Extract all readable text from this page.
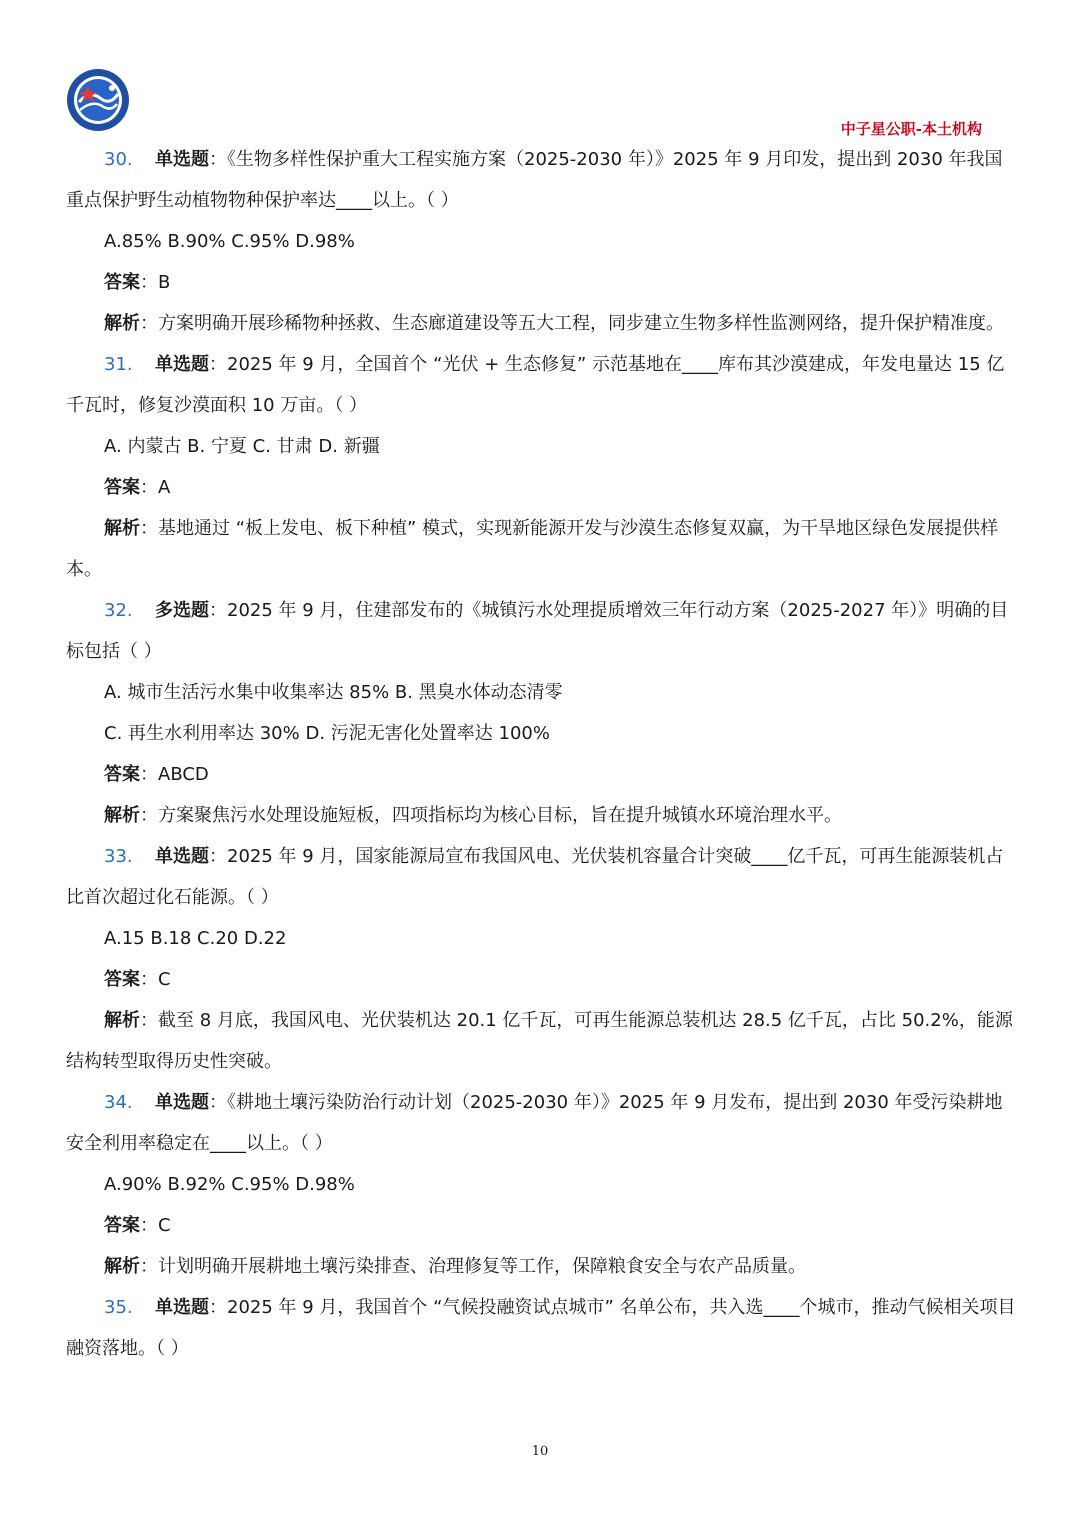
中子星公职-本土机构

30. 单选题：《生物多样性保护重大工程实施方案（2025-2030 年）》2025 年 9 月印发，提出到 2030 年我国重点保护野生动植物物种保护率达____以上。（ ）

A.85% B.90% C.95% D.98%

答案：B

解析：方案明确开展珍稀物种拯救、生态廊道建设等五大工程，同步建立生物多样性监测网络，提升保护精准度。

31. 单选题：2025 年 9 月，全国首个 “光伏 + 生态修复” 示范基地在____库布其沙漠建成，年发电量达 15 亿千瓦时，修复沙漠面积 10 万亩。（ ）

A. 内蒙古 B. 宁夏 C. 甘肃 D. 新疆

答案：A

解析：基地通过 “板上发电、板下种植” 模式，实现新能源开发与沙漠生态修复双赢，为干旱地区绿色发展提供样本。

32. 多选题：2025 年 9 月，住建部发布的《城镇污水处理提质增效三年行动方案（2025-2027 年）》明确的目标包括（ ）

A. 城市生活污水集中收集率达 85% B. 黑臭水体动态清零

C. 再生水利用率达 30% D. 污泥无害化处置率达 100%

答案：ABCD

解析：方案聚焦污水处理设施短板，四项指标均为核心目标，旨在提升城镇水环境治理水平。

33. 单选题：2025 年 9 月，国家能源局宣布我国风电、光伏装机容量合计突破____亿千瓦，可再生能源装机占比首次超过化石能源。（ ）

A.15 B.18 C.20 D.22

答案：C

解析：截至 8 月底，我国风电、光伏装机达 20.1 亿千瓦，可再生能源总装机达 28.5 亿千瓦，占比 50.2%，能源结构转型取得历史性突破。

34. 单选题：《耕地土壤污染防治行动计划（2025-2030 年）》2025 年 9 月发布，提出到 2030 年受污染耕地安全利用率稳定在____以上。（ ）

A.90% B.92% C.95% D.98%

答案：C

解析：计划明确开展耕地土壤污染排查、治理修复等工作，保障粮食安全与农产品质量。

35. 单选题：2025 年 9 月，我国首个 “气候投融资试点城市” 名单公布，共入选____个城市，推动气候相关项目融资落地。（ ）

10
